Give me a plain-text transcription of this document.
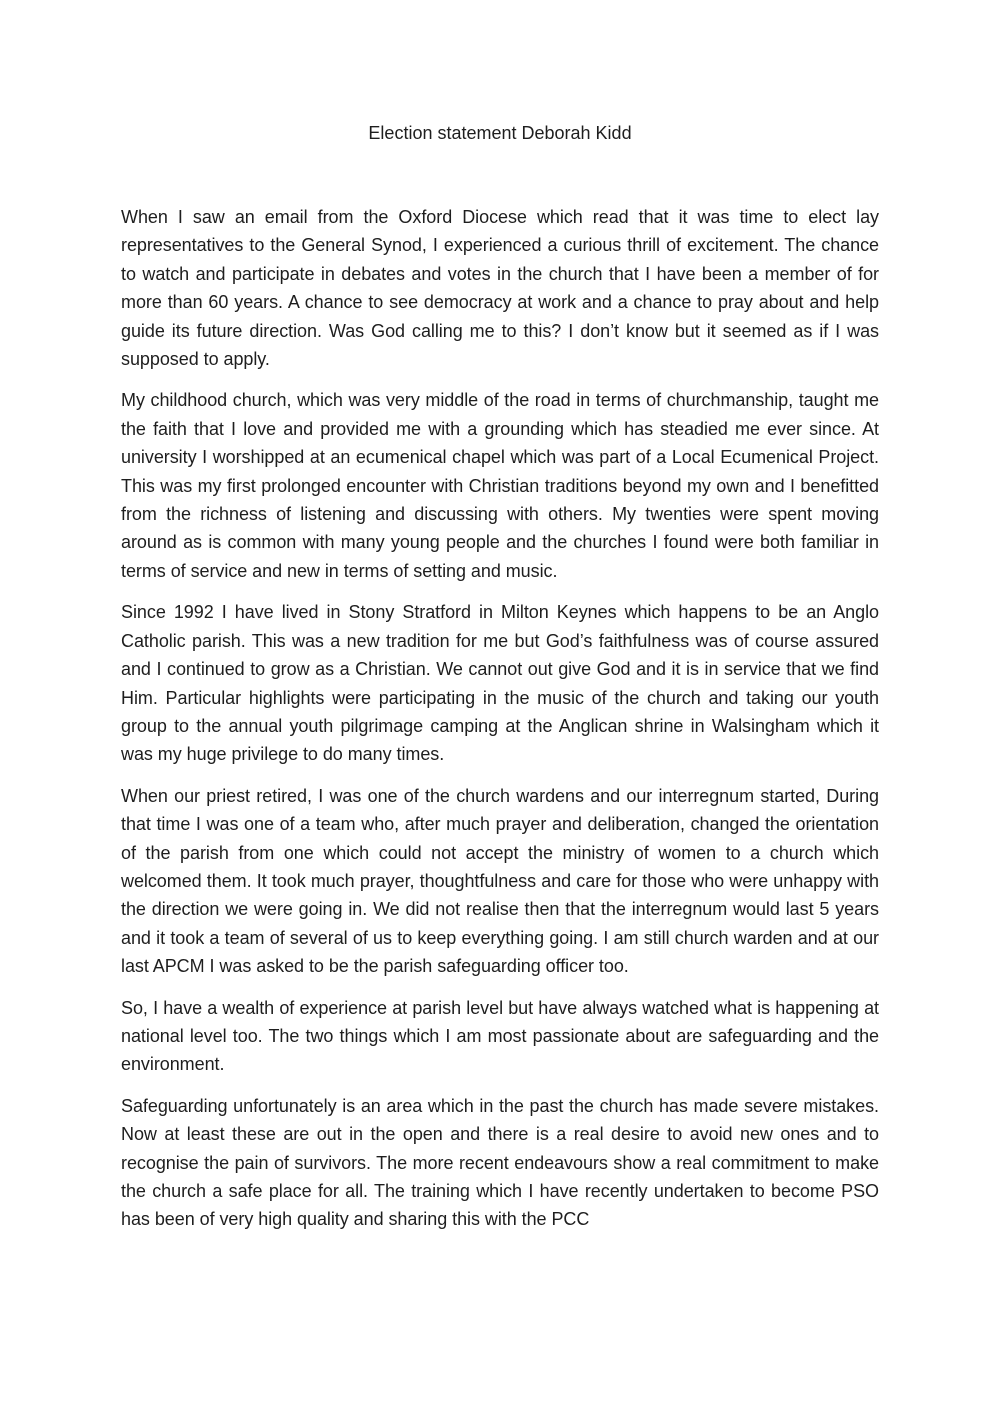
Election statement Deborah Kidd

When I saw an email from the Oxford Diocese which read that it was time to elect lay representatives to the General Synod, I experienced a curious thrill of excitement. The chance to watch and participate in debates and votes in the church that I have been a member of for more than 60 years. A chance to see democracy at work and a chance to pray about and help guide its future direction. Was God calling me to this? I don’t know but it seemed as if I was supposed to apply.

My childhood church, which was very middle of the road in terms of churchmanship, taught me the faith that I love and provided me with a grounding which has steadied me ever since. At university I worshipped at an ecumenical chapel which was part of a Local Ecumenical Project. This was my first prolonged encounter with Christian traditions beyond my own and I benefitted from the richness of listening and discussing with others. My twenties were spent moving around as is common with many young people and the churches I found were both familiar in terms of service and new in terms of setting and music.

Since 1992 I have lived in Stony Stratford in Milton Keynes which happens to be an Anglo Catholic parish. This was a new tradition for me but God’s faithfulness was of course assured and I continued to grow as a Christian. We cannot out give God and it is in service that we find Him. Particular highlights were participating in the music of the church and taking our youth group to the annual youth pilgrimage camping at the Anglican shrine in Walsingham which it was my huge privilege to do many times.

When our priest retired, I was one of the church wardens and our interregnum started, During that time I was one of a team who, after much prayer and deliberation, changed the orientation of the parish from one which could not accept the ministry of women to a church which welcomed them. It took much prayer, thoughtfulness and care for those who were unhappy with the direction we were going in. We did not realise then that the interregnum would last 5 years and it took a team of several of us to keep everything going. I am still church warden and at our last APCM I was asked to be the parish safeguarding officer too.

So, I have a wealth of experience at parish level but have always watched what is happening at national level too. The two things which I am most passionate about are safeguarding and the environment.

Safeguarding unfortunately is an area which in the past the church has made severe mistakes. Now at least these are out in the open and there is a real desire to avoid new ones and to recognise the pain of survivors. The more recent endeavours show a real commitment to make the church a safe place for all. The training which I have recently undertaken to become PSO has been of very high quality and sharing this with the PCC
